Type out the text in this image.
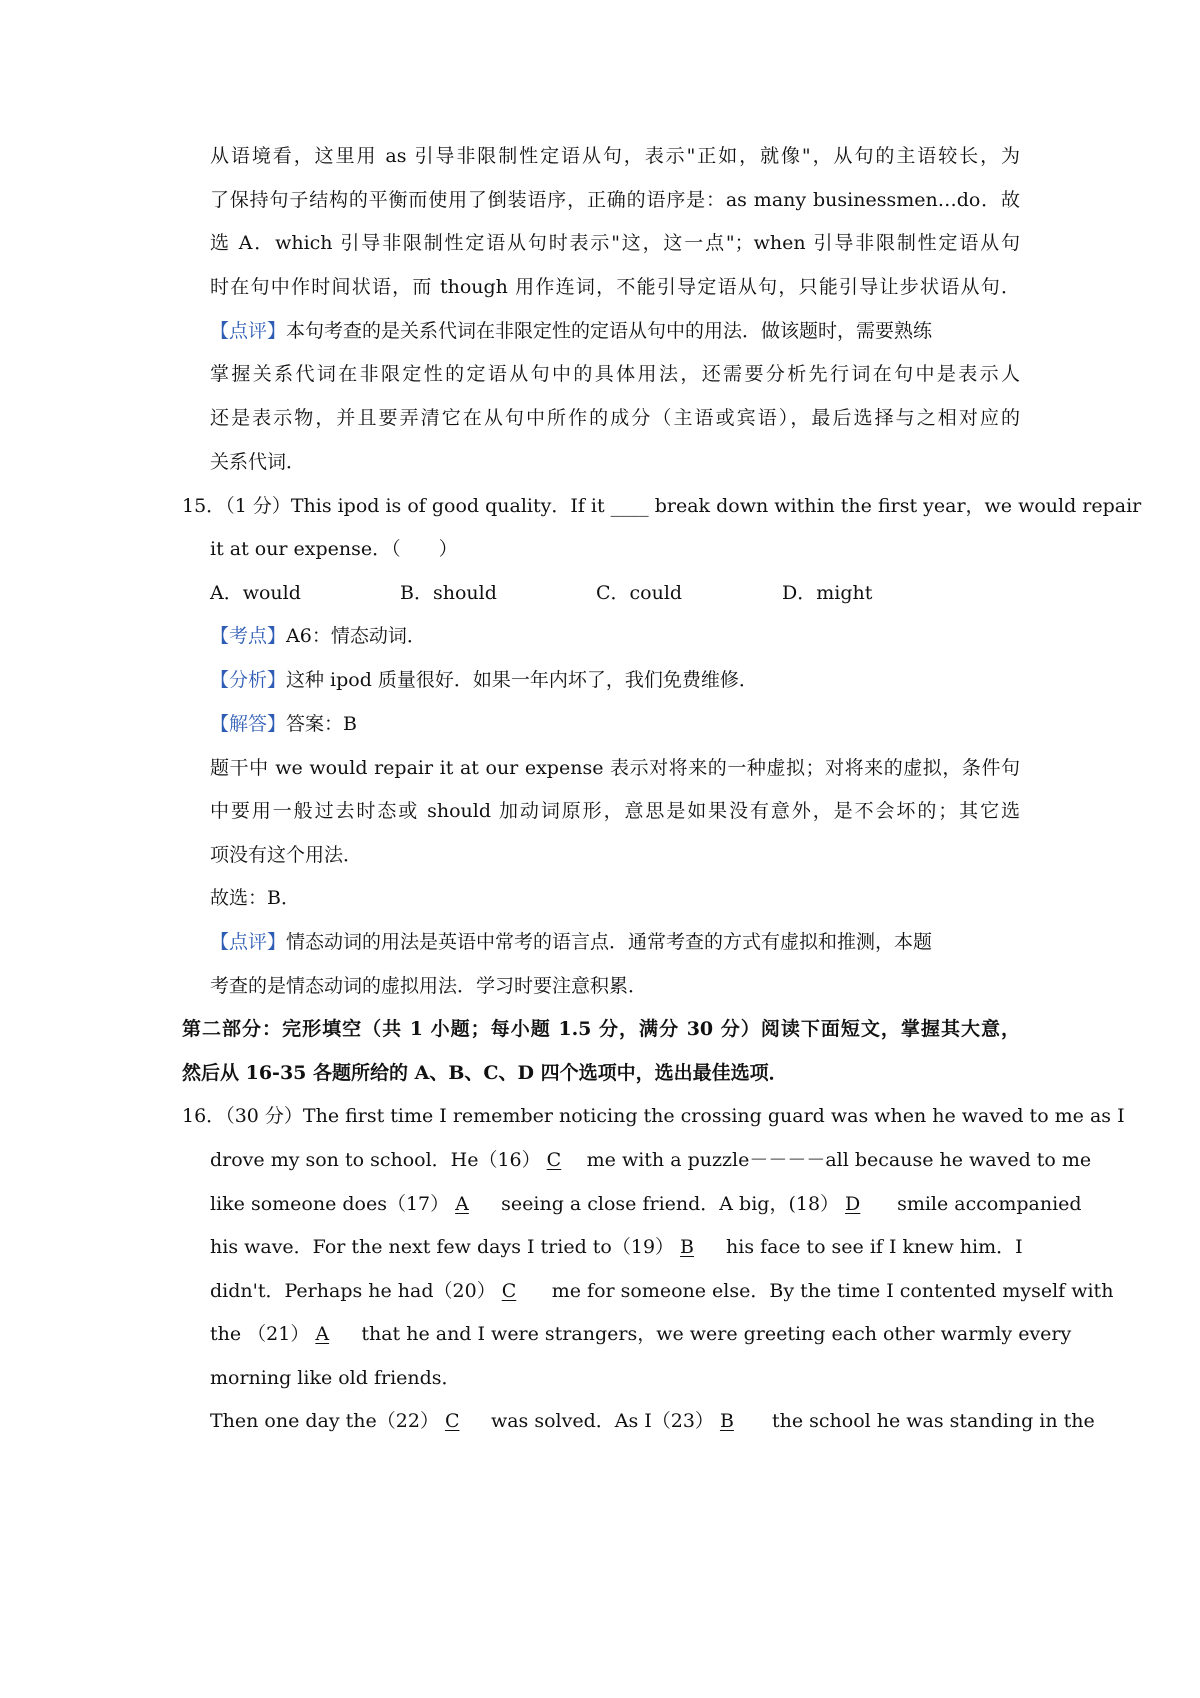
从语境看，这里用 as 引导非限制性定语从句，表示"正如，就像"，从句的主语较长，为

了保持句子结构的平衡而使用了倒装语序，正确的语序是：as many businessmen…do．故

选 A．which 引导非限制性定语从句时表示"这，这一点"；when 引导非限制性定语从句

时在句中作时间状语，而 though 用作连词，不能引导定语从句，只能引导让步状语从句．

【点评】本句考查的是关系代词在非限定性的定语从句中的用法．做该题时，需要熟练

掌握关系代词在非限定性的定语从句中的具体用法，还需要分析先行词在句中是表示人

还是表示物，并且要弄清它在从句中所作的成分（主语或宾语），最后选择与之相对应的

关系代词．

15．（1 分）This ipod is of good quality．If it ____ break down within the first year，we would repair

it at our expense．（　　）

A．would	B．should	C．could	D．might

【考点】A6：情态动词．

【分析】这种 ipod 质量很好．如果一年内坏了，我们免费维修．

【解答】答案：B

题干中 we would repair it at our expense 表示对将来的一种虚拟；对将来的虚拟，条件句

中要用一般过去时态或 should 加动词原形，意思是如果没有意外，是不会坏的；其它选

项没有这个用法．

故选：B．

【点评】情态动词的用法是英语中常考的语言点．通常考查的方式有虚拟和推测，本题

考查的是情态动词的虚拟用法．学习时要注意积累．

第二部分：完形填空（共 1 小题；每小题 1.5 分，满分 30 分）阅读下面短文，掌握其大意，

然后从 16-35 各题所给的 A、B、C、D 四个选项中，选出最佳选项．

16．（30 分）The first time I remember noticing the crossing guard was when he waved to me as I

drove my son to school．He（16） C me with a puzzle－－－－all because he waved to me

like someone does（17） A seeing a close friend．A big，(18） D smile accompanied

his wave．For the next few days I tried to（19） B his face to see if I knew him．I

didn't．Perhaps he had（20） C me for someone else．By the time I contented myself with

the （21） A that he and I were strangers，we were greeting each other warmly every

morning like old friends．

Then one day the（22） C was solved．As I（23） B the school he was standing in the
